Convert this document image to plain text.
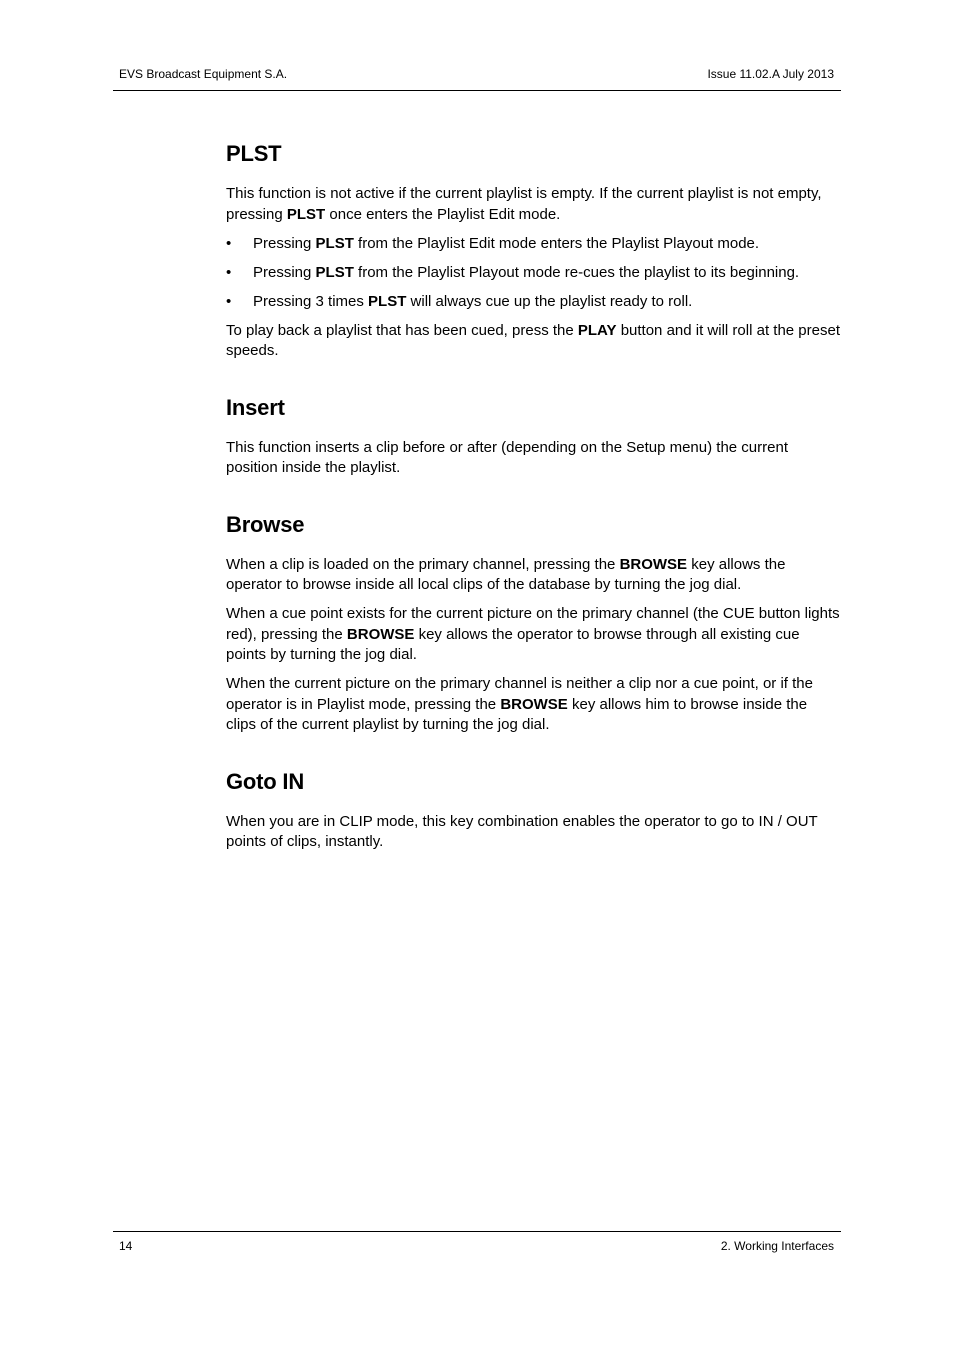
EVS Broadcast Equipment S.A.	Issue 11.02.A July 2013
PLST

This function is not active if the current playlist is empty. If the current playlist is not empty, pressing PLST once enters the Playlist Edit mode.

• Pressing PLST from the Playlist Edit mode enters the Playlist Playout mode.
• Pressing PLST from the Playlist Playout mode re-cues the playlist to its beginning.
• Pressing 3 times PLST will always cue up the playlist ready to roll.

To play back a playlist that has been cued, press the PLAY button and it will roll at the preset speeds.

Insert

This function inserts a clip before or after (depending on the Setup menu) the current position inside the playlist.

Browse

When a clip is loaded on the primary channel, pressing the BROWSE key allows the operator to browse inside all local clips of the database by turning the jog dial.

When a cue point exists for the current picture on the primary channel (the CUE button lights red), pressing the BROWSE key allows the operator to browse through all existing cue points by turning the jog dial.

When the current picture on the primary channel is neither a clip nor a cue point, or if the operator is in Playlist mode, pressing the BROWSE key allows him to browse inside the clips of the current playlist by turning the jog dial.

Goto IN

When you are in CLIP mode, this key combination enables the operator to go to IN / OUT points of clips, instantly.

14	2. Working Interfaces
